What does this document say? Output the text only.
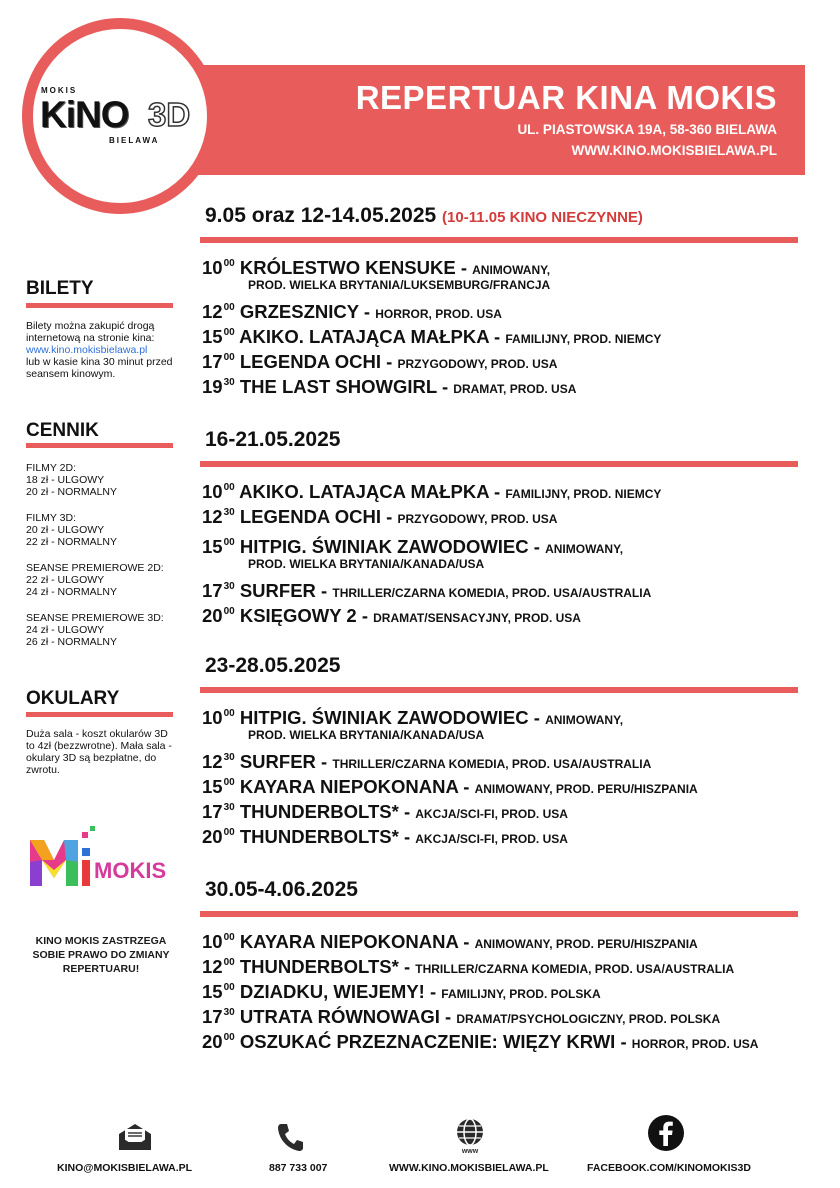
REPERTUAR KINA MOKIS
UL. PIASTOWSKA 19A, 58-360 BIELAWA
WWW.KINO.MOKISBIELAWA.PL
MOKIS
KiNO 3D
BIELAWA
BILETY
Bilety można zakupić drogą internetową na stronie kina:
www.kino.mokisbielawa.pl
lub w kasie kina 30 minut przed seansem kinowym.
CENNIK
FILMY 2D:
18 zł - ULGOWY
20 zł - NORMALNY
FILMY 3D:
20 zł - ULGOWY
22 zł - NORMALNY
SEANSE PREMIEROWE 2D:
22 zł - ULGOWY
24 zł - NORMALNY
SEANSE PREMIEROWE 3D:
24 zł - ULGOWY
26 zł - NORMALNY
OKULARY
Duża sala - koszt okularów 3D to 4zł (bezzwrotne). Mała sala - okulary 3D są bezpłatne, do zwrotu.
MOKIS
KINO MOKIS ZASTRZEGA SOBIE PRAWO DO ZMIANY REPERTUARU!
9.05 oraz 12-14.05.2025 (10-11.05 KINO NIECZYNNE)
$10^{00}$ KRÓLESTWO KENSUKE - ANIMOWANY,
PROD. WIELKA BRYTANIA/LUKSEMBURG/FRANCJA
$12^{00}$ GRZESZNICY - HORROR, PROD. USA
$15^{00}$ AKIKO. LATAJĄCA MAŁPKA - FAMILIJNY, PROD. NIEMCY
$17^{00}$ LEGENDA OCHI - PRZYGODOWY, PROD. USA
$19^{30}$ THE LAST SHOWGIRL - DRAMAT, PROD. USA
16-21.05.2025
$10^{00}$ AKIKO. LATAJĄCA MAŁPKA - FAMILIJNY, PROD. NIEMCY
$12^{30}$ LEGENDA OCHI - PRZYGODOWY, PROD. USA
$15^{00}$ HITPIG. ŚWINIAK ZAWODOWIEC - ANIMOWANY,
PROD. WIELKA BRYTANIA/KANADA/USA
$17^{30}$ SURFER - THRILLER/CZARNA KOMEDIA, PROD. USA/AUSTRALIA
$20^{00}$ KSIĘGOWY 2 - DRAMAT/SENSACYJNY, PROD. USA
23-28.05.2025
$10^{00}$ HITPIG. ŚWINIAK ZAWODOWIEC - ANIMOWANY,
PROD. WIELKA BRYTANIA/KANADA/USA
$12^{30}$ SURFER - THRILLER/CZARNA KOMEDIA, PROD. USA/AUSTRALIA
$15^{00}$ KAYARA NIEPOKONANA - ANIMOWANY, PROD. PERU/HISZPANIA
$17^{30}$ THUNDERBOLTS* - AKCJA/SCI-FI, PROD. USA
$20^{00}$ THUNDERBOLTS* - AKCJA/SCI-FI, PROD. USA
30.05-4.06.2025
$10^{00}$ KAYARA NIEPOKONANA - ANIMOWANY, PROD. PERU/HISZPANIA
$12^{00}$ THUNDERBOLTS* - THRILLER/CZARNA KOMEDIA, PROD. USA/AUSTRALIA
$15^{00}$ DZIADKU, WIEJEMY! - FAMILIJNY, PROD. POLSKA
$17^{30}$ UTRATA RÓWNOWAGI - DRAMAT/PSYCHOLOGICZNY, PROD. POLSKA
$20^{00}$ OSZUKAĆ PRZEZNACZENIE: WIĘZY KRWI - HORROR, PROD. USA
KINO@MOKISBIELAWA.PL	887 733 007
www
WWW.KINO.MOKISBIELAWA.PL	FACEBOOK.COM/KINOMOKIS3D
